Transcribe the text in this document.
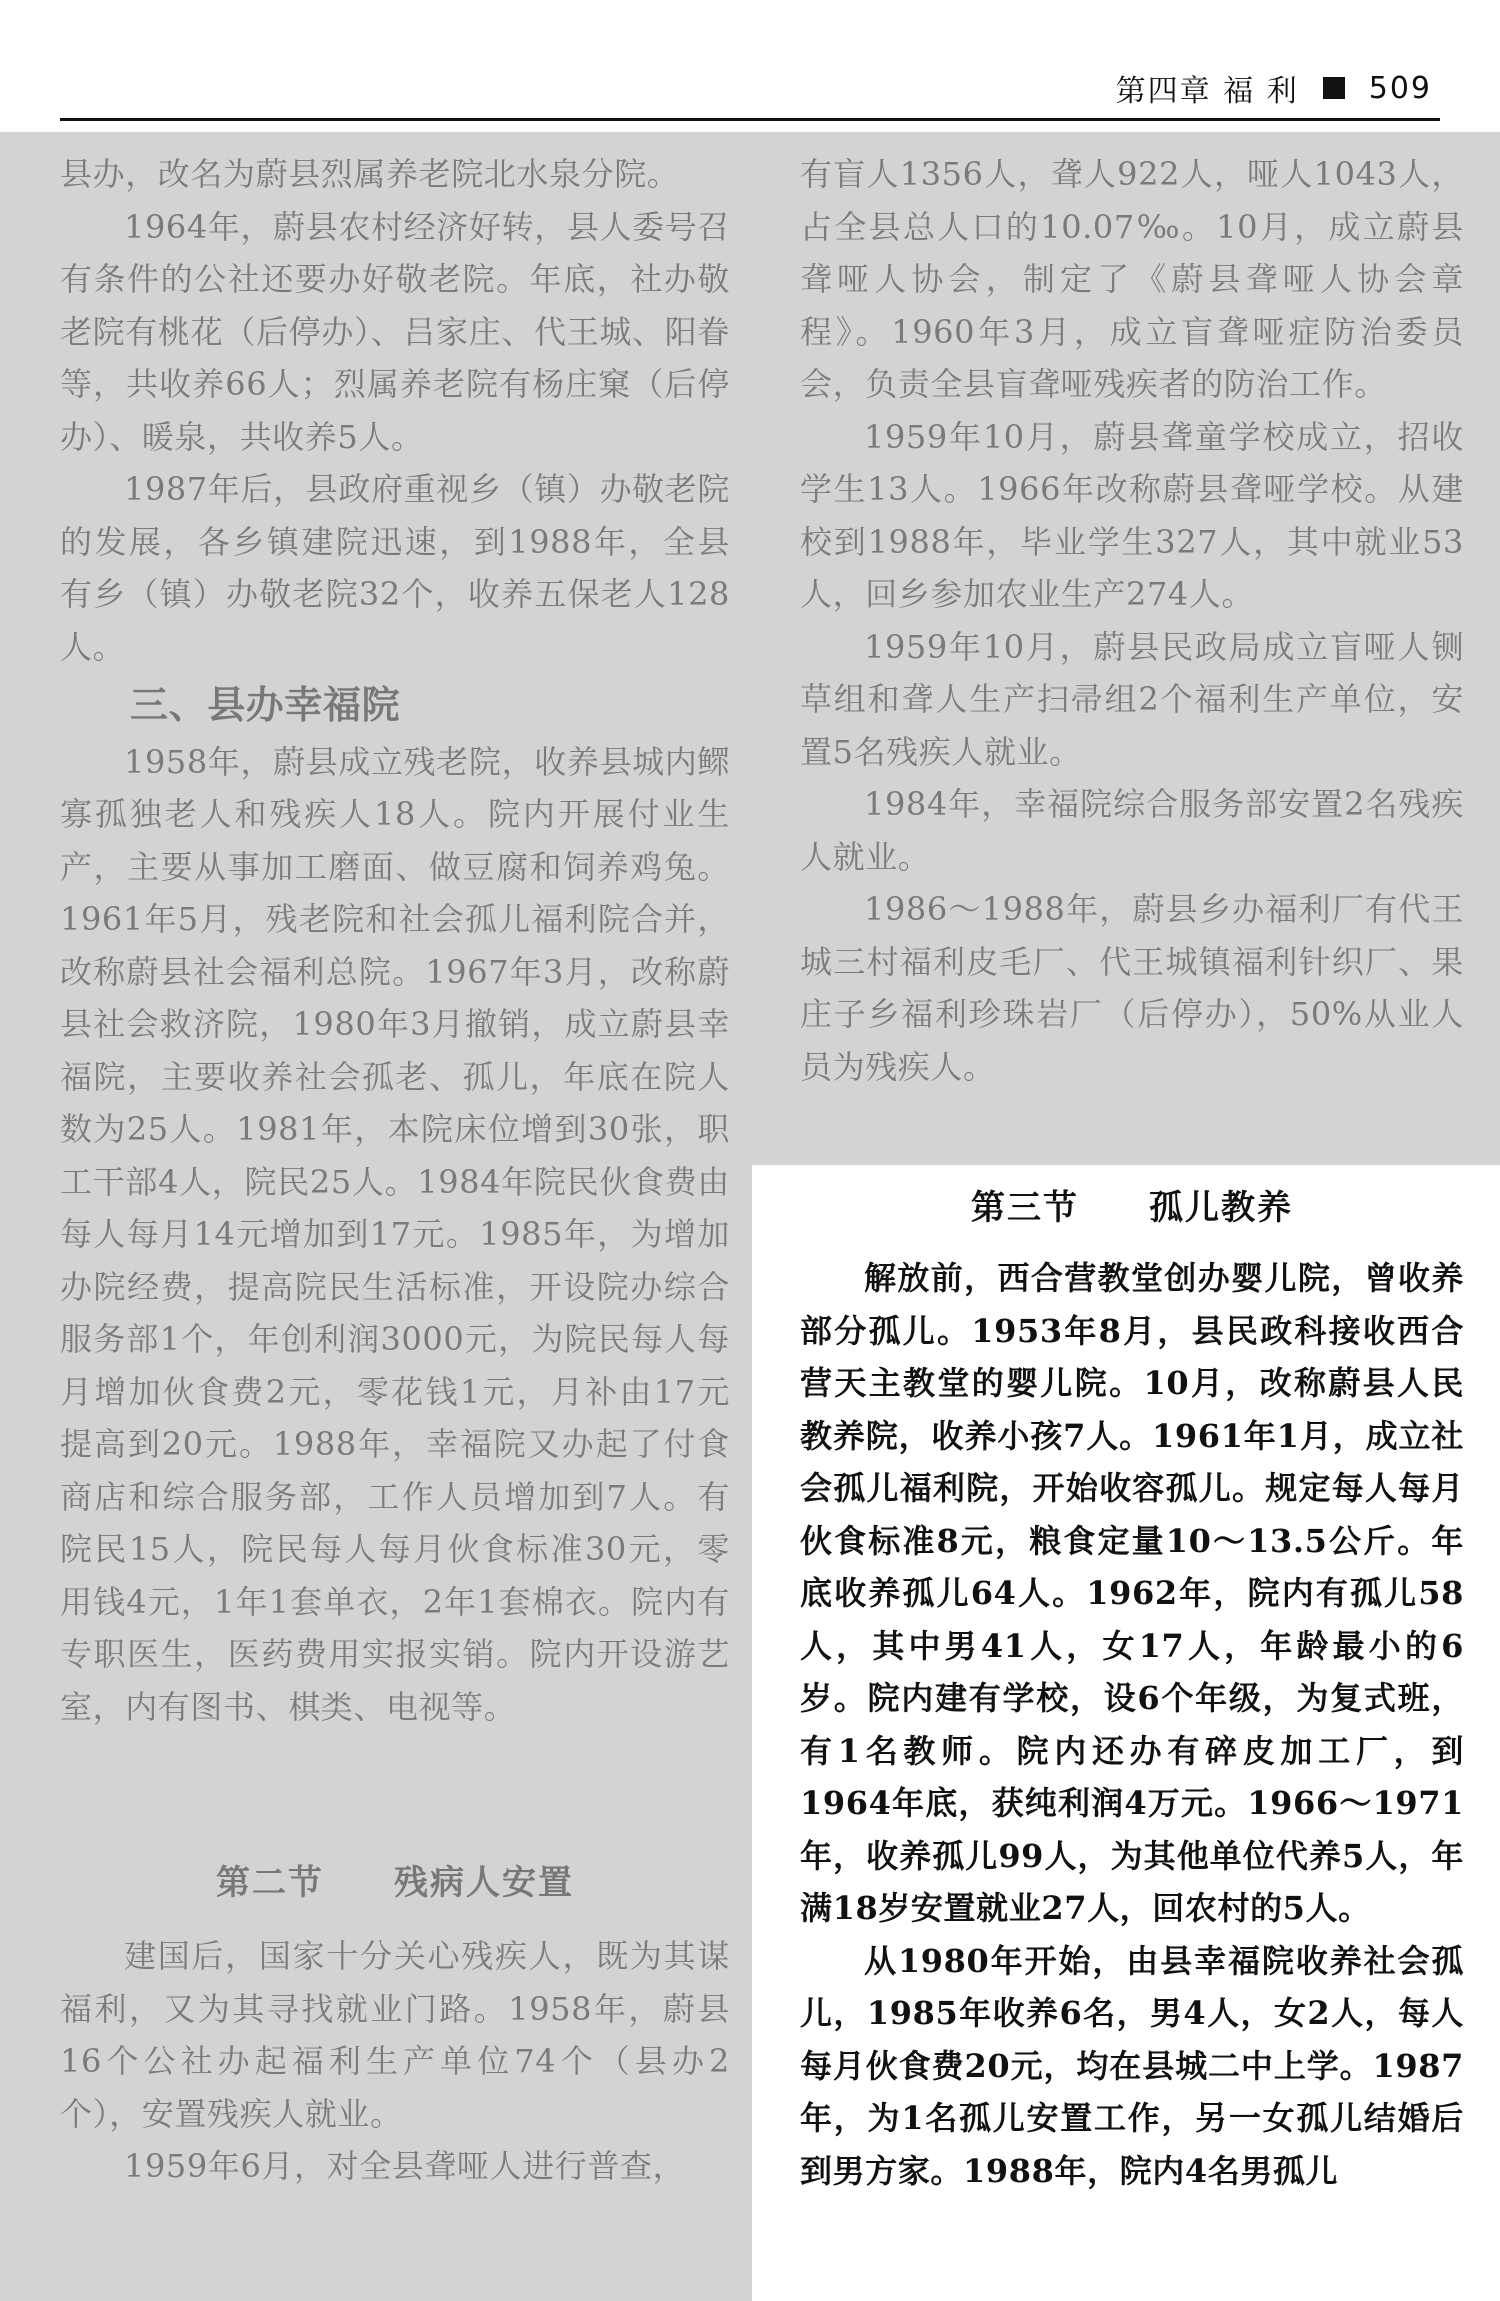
第四章 福 利 509

县办，改名为蔚县烈属养老院北水泉分院。

1964年，蔚县农村经济好转，县人委号召有条件的公社还要办好敬老院。年底，社办敬老院有桃花（后停办）、吕家庄、代王城、阳眷等，共收养66人；烈属养老院有杨庄窠（后停办）、暖泉，共收养5人。

1987年后，县政府重视乡（镇）办敬老院的发展，各乡镇建院迅速，到1988年，全县有乡（镇）办敬老院32个，收养五保老人128人。

三、县办幸福院

1958年，蔚县成立残老院，收养县城内鳏寡孤独老人和残疾人18人。院内开展付业生产，主要从事加工磨面、做豆腐和饲养鸡兔。1961年5月，残老院和社会孤儿福利院合并，改称蔚县社会福利总院。1967年3月，改称蔚县社会救济院，1980年3月撤销，成立蔚县幸福院，主要收养社会孤老、孤儿，年底在院人数为25人。1981年，本院床位增到30张，职工干部4人，院民25人。1984年院民伙食费由每人每月14元增加到17元。1985年，为增加办院经费，提高院民生活标准，开设院办综合服务部1个，年创利润3000元，为院民每人每月增加伙食费2元，零花钱1元，月补由17元提高到20元。1988年，幸福院又办起了付食商店和综合服务部，工作人员增加到7人。有院民15人，院民每人每月伙食标准30元，零用钱4元，1年1套单衣，2年1套棉衣。院内有专职医生，医药费用实报实销。院内开设游艺室，内有图书、棋类、电视等。

第二节 残病人安置

建国后，国家十分关心残疾人，既为其谋福利，又为其寻找就业门路。1958年，蔚县16个公社办起福利生产单位74个（县办2个），安置残疾人就业。

1959年6月，对全县聋哑人进行普查，

有盲人1356人，聋人922人，哑人1043人，占全县总人口的10.07‰。10月，成立蔚县聋哑人协会，制定了《蔚县聋哑人协会章程》。1960年3月，成立盲聋哑症防治委员会，负责全县盲聋哑残疾者的防治工作。

1959年10月，蔚县聋童学校成立，招收学生13人。1966年改称蔚县聋哑学校。从建校到1988年，毕业学生327人，其中就业53人，回乡参加农业生产274人。

1959年10月，蔚县民政局成立盲哑人铡草组和聋人生产扫帚组2个福利生产单位，安置5名残疾人就业。

1984年，幸福院综合服务部安置2名残疾人就业。

1986～1988年，蔚县乡办福利厂有代王城三村福利皮毛厂、代王城镇福利针织厂、果庄子乡福利珍珠岩厂（后停办），50%从业人员为残疾人。

第三节 孤儿教养

解放前，西合营教堂创办婴儿院，曾收养部分孤儿。1953年8月，县民政科接收西合营天主教堂的婴儿院。10月，改称蔚县人民教养院，收养小孩7人。1961年1月，成立社会孤儿福利院，开始收容孤儿。规定每人每月伙食标准8元，粮食定量10～13.5公斤。年底收养孤儿64人。1962年，院内有孤儿58人，其中男41人，女17人，年龄最小的6岁。院内建有学校，设6个年级，为复式班，有1名教师。院内还办有碎皮加工厂，到1964年底，获纯利润4万元。1966～1971年，收养孤儿99人，为其他单位代养5人，年满18岁安置就业27人，回农村的5人。

从1980年开始，由县幸福院收养社会孤儿，1985年收养6名，男4人，女2人，每人每月伙食费20元，均在县城二中上学。1987年，为1名孤儿安置工作，另一女孤儿结婚后到男方家。1988年，院内4名男孤儿
